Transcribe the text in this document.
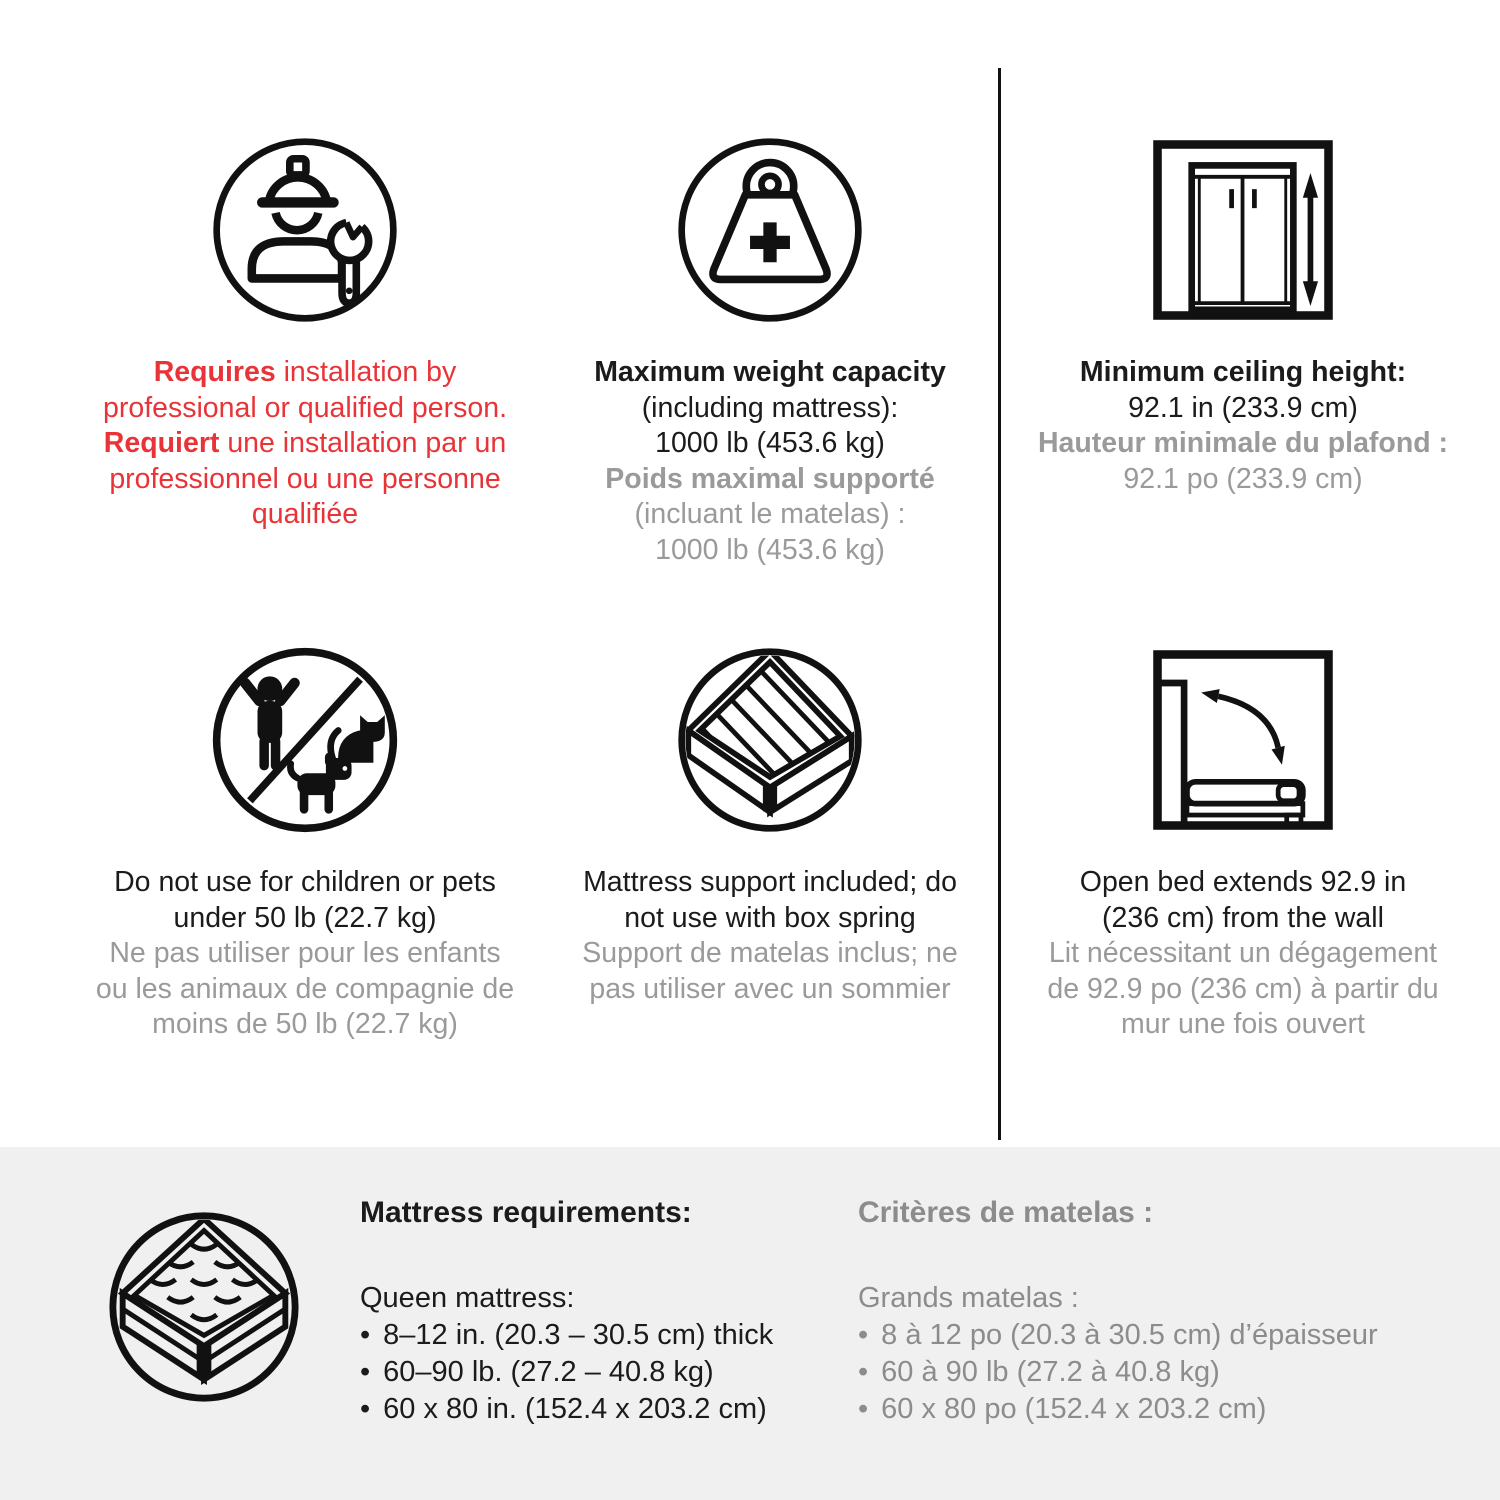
Requires installation by
professional or qualified person.
Requiert une installation par un
professionnel ou une personne
qualifiée
Maximum weight capacity
(including mattress):
1000 lb (453.6 kg)
Poids maximal supporté
(incluant le matelas) :
1000 lb (453.6 kg)
Minimum ceiling height:
92.1 in (233.9 cm)
Hauteur minimale du plafond :
92.1 po (233.9 cm)
Do not use for children or pets
under 50 lb (22.7 kg)
Ne pas utiliser pour les enfants
ou les animaux de compagnie de
moins de 50 lb (22.7 kg)
Mattress support included; do
not use with box spring
Support de matelas inclus; ne
pas utiliser avec un sommier
Open bed extends 92.9 in
(236 cm) from the wall
Lit nécessitant un dégagement
de 92.9 po (236 cm) à partir du
mur une fois ouvert
Mattress requirements:
Queen mattress:
• 8–12 in. (20.3 – 30.5 cm) thick
• 60–90 lb. (27.2 – 40.8 kg)
• 60 x 80 in. (152.4 x 203.2 cm)
Critères de matelas :
Grands matelas :
• 8 à 12 po (20.3 à 30.5 cm) d’épaisseur
• 60 à 90 lb (27.2 à 40.8 kg)
• 60 x 80 po (152.4 x 203.2 cm)
